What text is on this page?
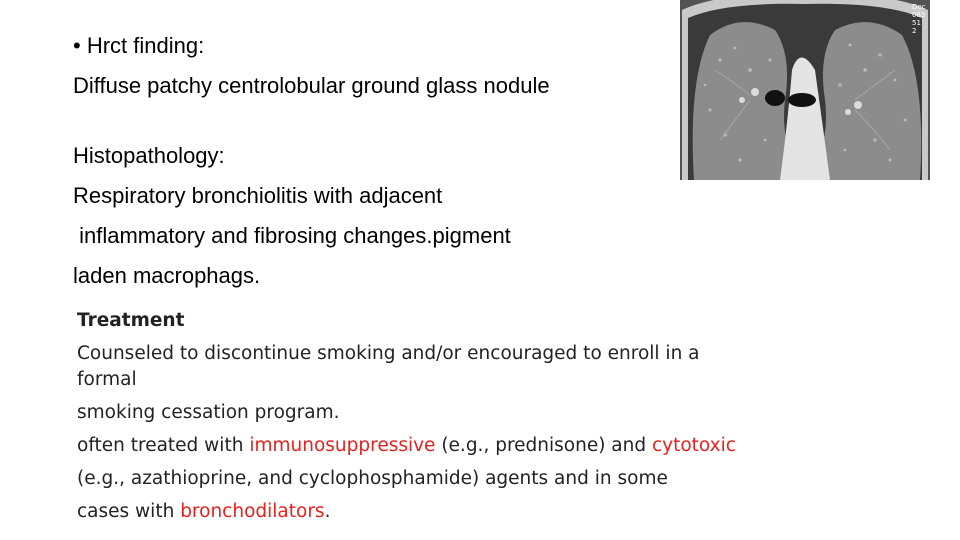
• Hrct finding:
Diffuse patchy centrolobular ground glass nodule
Histopathology:
Respiratory bronchiolitis with adjacent
inflammatory and fibrosing changes.pigment
laden macrophags.
Dec
083
51
2
Treatment
Counseled to discontinue smoking and/or encouraged to enroll in a
formal
smoking cessation program.
often treated with immunosuppressive (e.g., prednisone) and cytotoxic
(e.g., azathioprine, and cyclophosphamide) agents and in some
cases with bronchodilators.
